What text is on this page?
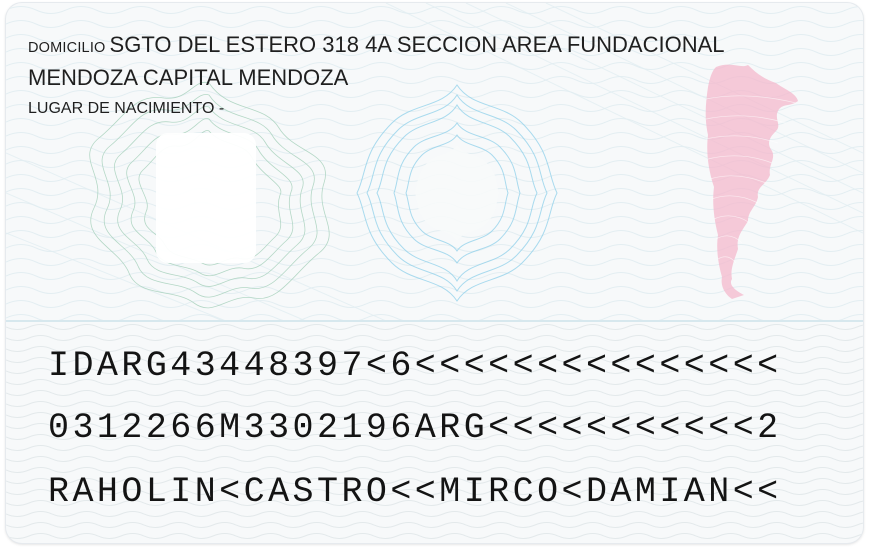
DOMICILIO SGTO DEL ESTERO 318 4A SECCION AREA FUNDACIONAL
MENDOZA CAPITAL MENDOZA
LUGAR DE NACIMIENTO -
IDARG43448397<6<<<<<<<<<<<<<<<
0312266M3302196ARG<<<<<<<<<<<2
RAHOLIN<CASTRO<<MIRCO<DAMIAN<<
